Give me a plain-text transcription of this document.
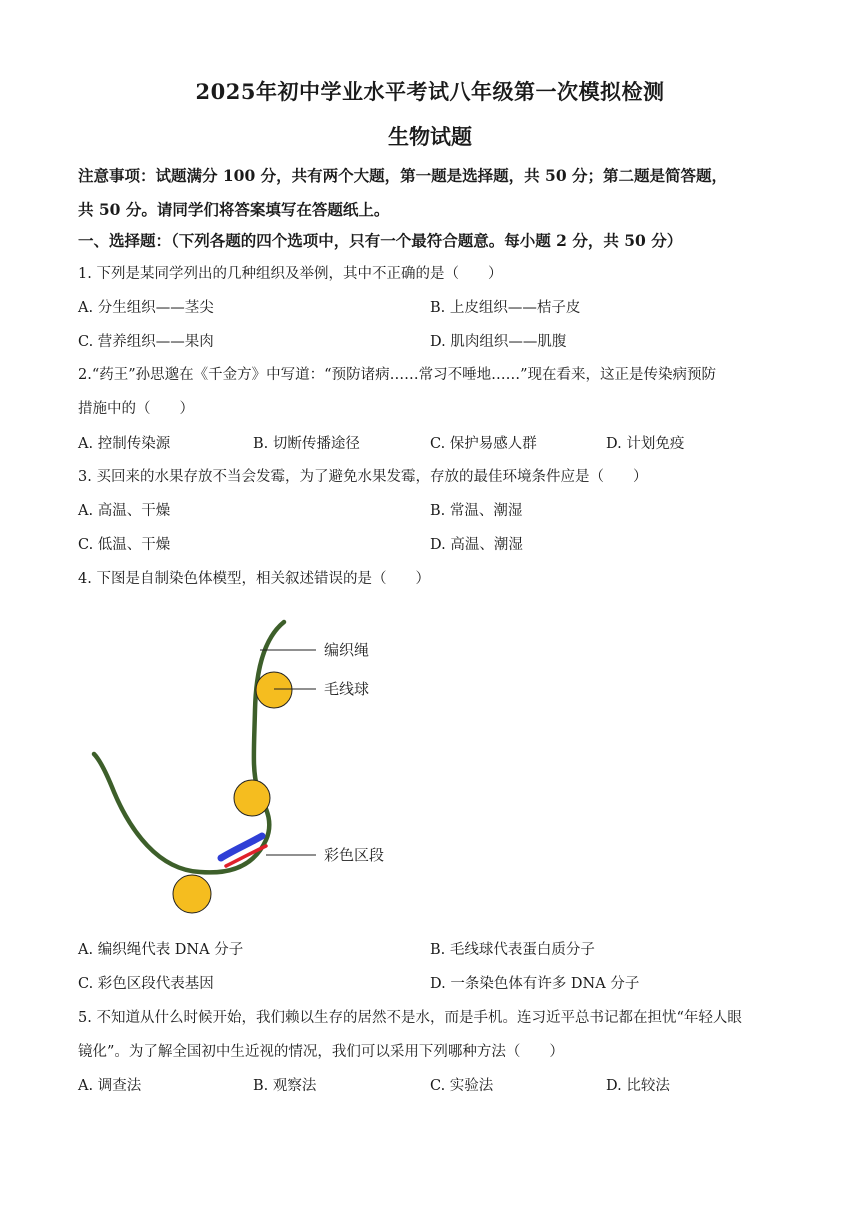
2025年初中学业水平考试八年级第一次模拟检测
生物试题
注意事项：试题满分 100 分，共有两个大题，第一题是选择题，共 50 分；第二题是简答题，
共 50 分。请同学们将答案填写在答题纸上。
一、选择题：（下列各题的四个选项中，只有一个最符合题意。每小题 2 分，共 50 分）
1. 下列是某同学列出的几种组织及举例，其中不正确的是（　　）
A. 分生组织——茎尖	B. 上皮组织——桔子皮
C. 营养组织——果肉	D. 肌肉组织——肌腹
2.“药王”孙思邈在《千金方》中写道：“预防诸病……常习不唾地……”现在看来，这正是传染病预防
措施中的（　　）
A. 控制传染源	B. 切断传播途径	C. 保护易感人群	D. 计划免疫
3. 买回来的水果存放不当会发霉，为了避免水果发霉，存放的最佳环境条件应是（　　）
A. 高温、干燥	B. 常温、潮湿
C. 低温、干燥	D. 高温、潮湿
4. 下图是自制染色体模型，相关叙述错误的是（　　）
编织绳
毛线球
彩色区段
A. 编织绳代表 DNA 分子	B. 毛线球代表蛋白质分子
C. 彩色区段代表基因	D. 一条染色体有许多 DNA 分子
5. 不知道从什么时候开始，我们赖以生存的居然不是水，而是手机。连习近平总书记都在担忧“年轻人眼
镜化”。为了解全国初中生近视的情况，我们可以采用下列哪种方法（　　）
A. 调查法	B. 观察法	C. 实验法	D. 比较法
